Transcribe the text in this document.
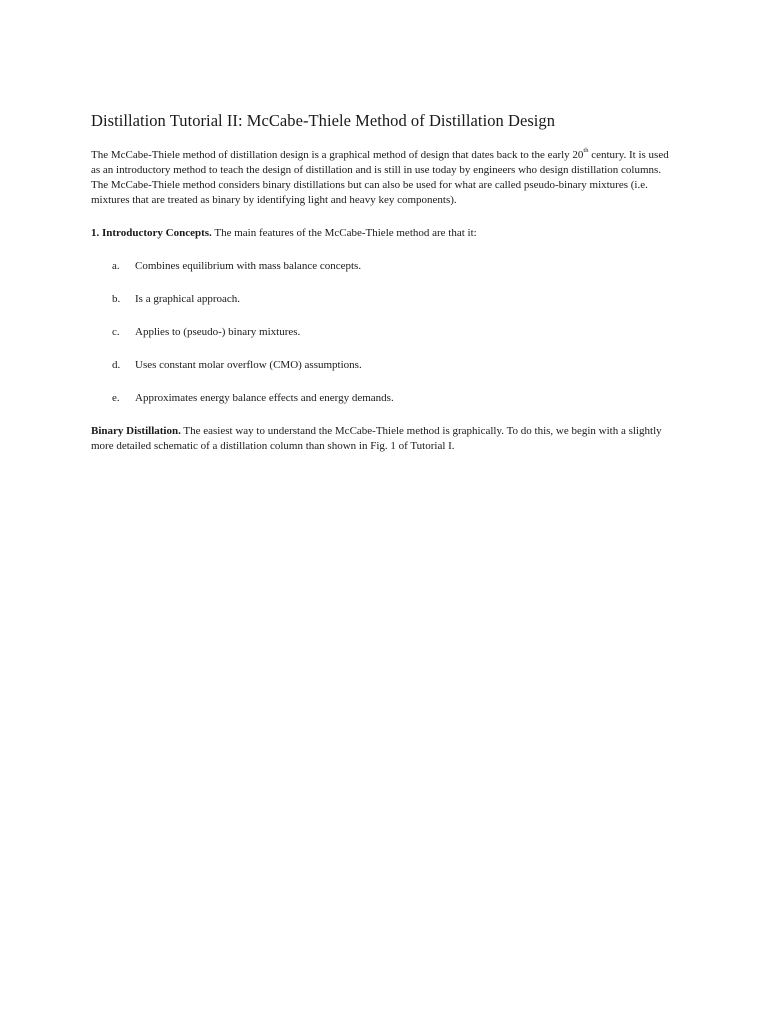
Distillation Tutorial II: McCabe-Thiele Method of Distillation Design

The McCabe-Thiele method of distillation design is a graphical method of design that dates back to the early 20th century. It is used as an introductory method to teach the design of distillation and is still in use today by engineers who design distillation columns. The McCabe-Thiele method considers binary distillations but can also be used for what are called pseudo-binary mixtures (i.e. mixtures that are treated as binary by identifying light and heavy key components).

1. Introductory Concepts. The main features of the McCabe-Thiele method are that it:

a.	Combines equilibrium with mass balance concepts.
b.	Is a graphical approach.
c.	Applies to (pseudo-) binary mixtures.
d.	Uses constant molar overflow (CMO) assumptions.
e.	Approximates energy balance effects and energy demands.

Binary Distillation. The easiest way to understand the McCabe-Thiele method is graphically. To do this, we begin with a slightly more detailed schematic of a distillation column than shown in Fig. 1 of Tutorial I.
